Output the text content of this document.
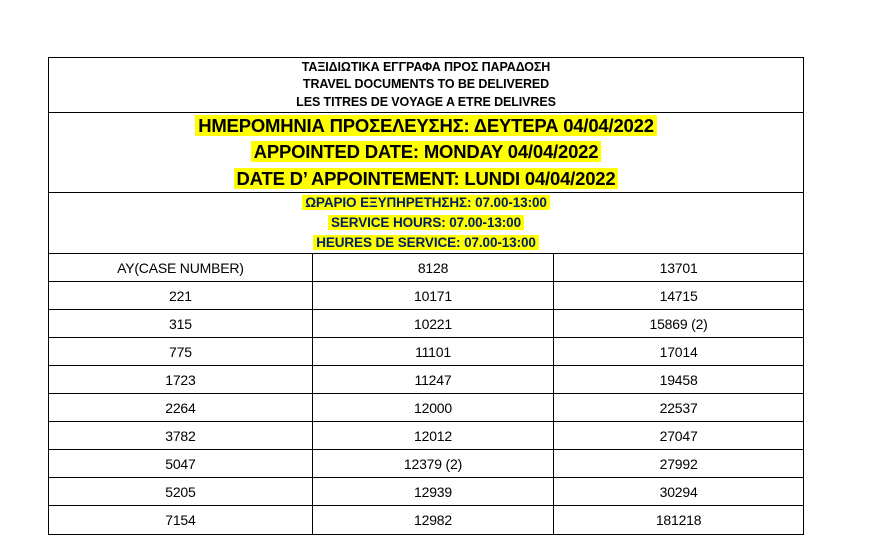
ΤΑΞΙΔΙΩΤΙΚΑ ΕΓΓΡΑΦΑ ΠΡΟΣ ΠΑΡΑΔΟΣΗ
TRAVEL DOCUMENTS TO BE DELIVERED
LES TITRES DE VOYAGE A ETRE DELIVRES
ΗΜΕΡΟΜΗΝΙΑ ΠΡΟΣΕΛΕΥΣΗΣ: ΔΕΥΤΕΡΑ 04/04/2022
APPOINTED DATE: MONDAY 04/04/2022
DATE D’ APPOINTEMENT: LUNDI 04/04/2022
ΩΡΑΡΙΟ ΕΞΥΠΗΡΕΤΗΣΗΣ: 07.00-13:00
SERVICE HOURS: 07.00-13:00
HEURES DE SERVICE: 07.00-13:00
AY(CASE NUMBER)	8128	13701
221	10171	14715
315	10221	15869 (2)
775	11101	17014
1723	11247	19458
2264	12000	22537
3782	12012	27047
5047	12379 (2)	27992
5205	12939	30294
7154	12982	181218
